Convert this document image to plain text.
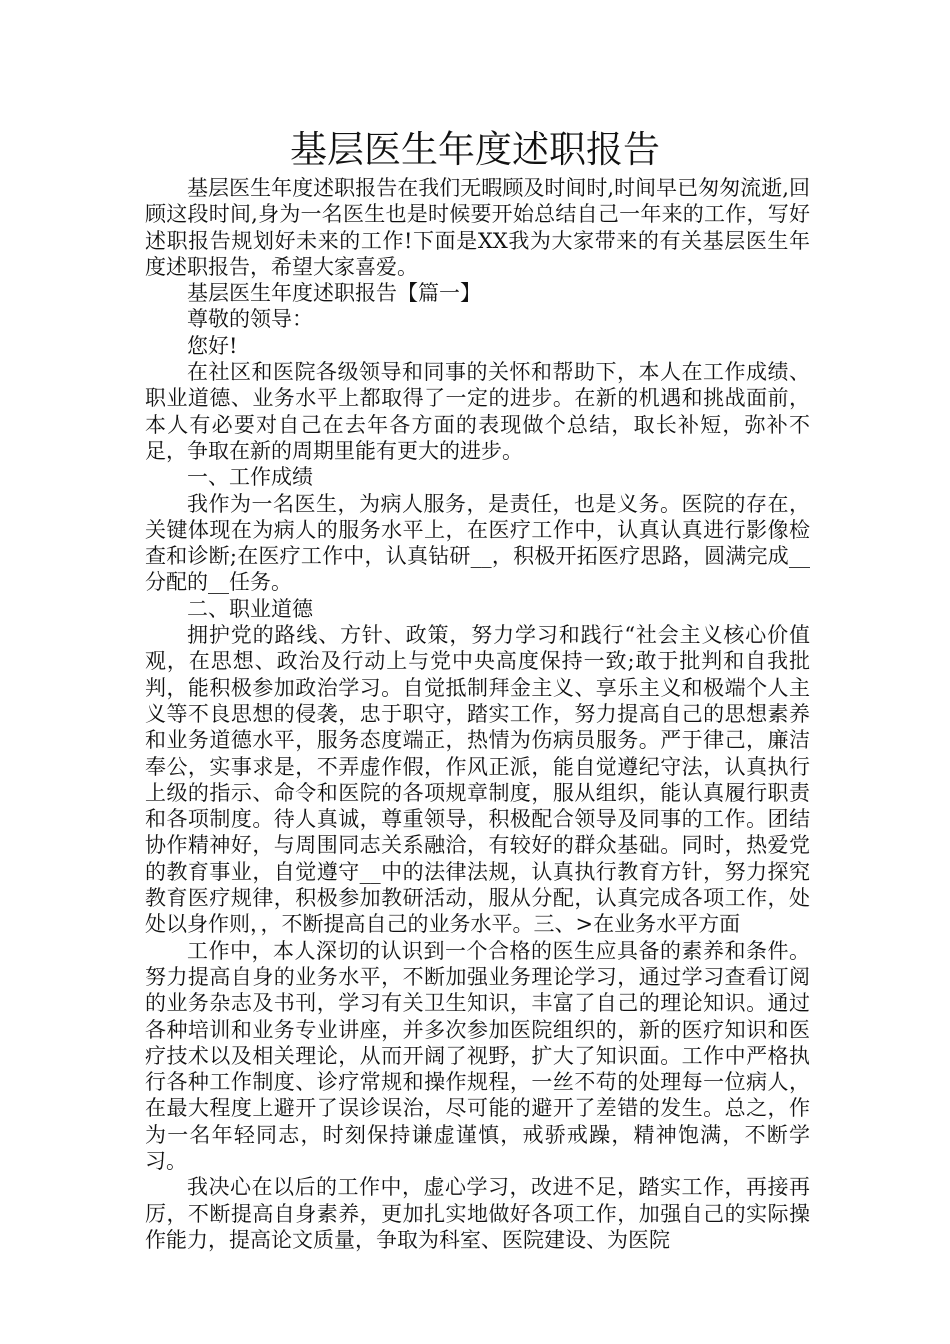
基层医生年度述职报告

基层医生年度述职报告在我们无暇顾及时间时,时间早已匆匆流逝,回顾这段时间,身为一名医生也是时候要开始总结自己一年来的工作，写好述职报告规划好未来的工作!下面是XX我为大家带来的有关基层医生年度述职报告，希望大家喜爱。

基层医生年度述职报告【篇一】

尊敬的领导：

您好!

在社区和医院各级领导和同事的关怀和帮助下，本人在工作成绩、职业道德、业务水平上都取得了一定的进步。在新的机遇和挑战面前，本人有必要对自己在去年各方面的表现做个总结，取长补短，弥补不足，争取在新的周期里能有更大的进步。

一、工作成绩

我作为一名医生，为病人服务，是责任，也是义务。医院的存在，关键体现在为病人的服务水平上，在医疗工作中，认真认真进行影像检查和诊断;在医疗工作中，认真钻研__，积极开拓医疗思路，圆满完成__分配的__任务。

二、职业道德

拥护党的路线、方针、政策，努力学习和践行“社会主义核心价值观，在思想、政治及行动上与党中央高度保持一致;敢于批判和自我批判，能积极参加政治学习。自觉抵制拜金主义、享乐主义和极端个人主义等不良思想的侵袭，忠于职守，踏实工作，努力提高自己的思想素养和业务道德水平，服务态度端正，热情为伤病员服务。严于律己，廉洁奉公，实事求是，不弄虚作假，作风正派，能自觉遵纪守法，认真执行上级的指示、命令和医院的各项规章制度，服从组织，能认真履行职责和各项制度。待人真诚，尊重领导，积极配合领导及同事的工作。团结协作精神好，与周围同志关系融洽，有较好的群众基础。同时，热爱党的教育事业，自觉遵守__中的法律法规，认真执行教育方针，努力探究教育医疗规律，积极参加教研活动，服从分配，认真完成各项工作，处处以身作则，，不断提高自己的业务水平。三、>在业务水平方面

工作中，本人深切的认识到一个合格的医生应具备的素养和条件。努力提高自身的业务水平，不断加强业务理论学习，通过学习查看订阅的业务杂志及书刊，学习有关卫生知识，丰富了自己的理论知识。通过各种培训和业务专业讲座，并多次参加医院组织的，新的医疗知识和医疗技术以及相关理论，从而开阔了视野，扩大了知识面。工作中严格执行各种工作制度、诊疗常规和操作规程，一丝不苟的处理每一位病人，在最大程度上避开了误诊误治，尽可能的避开了差错的发生。总之，作为一名年轻同志，时刻保持谦虚谨慎，戒骄戒躁，精神饱满，不断学习。

我决心在以后的工作中，虚心学习，改进不足，踏实工作，再接再厉，不断提高自身素养，更加扎实地做好各项工作，加强自己的实际操作能力，提高论文质量，争取为科室、医院建设、为医院
